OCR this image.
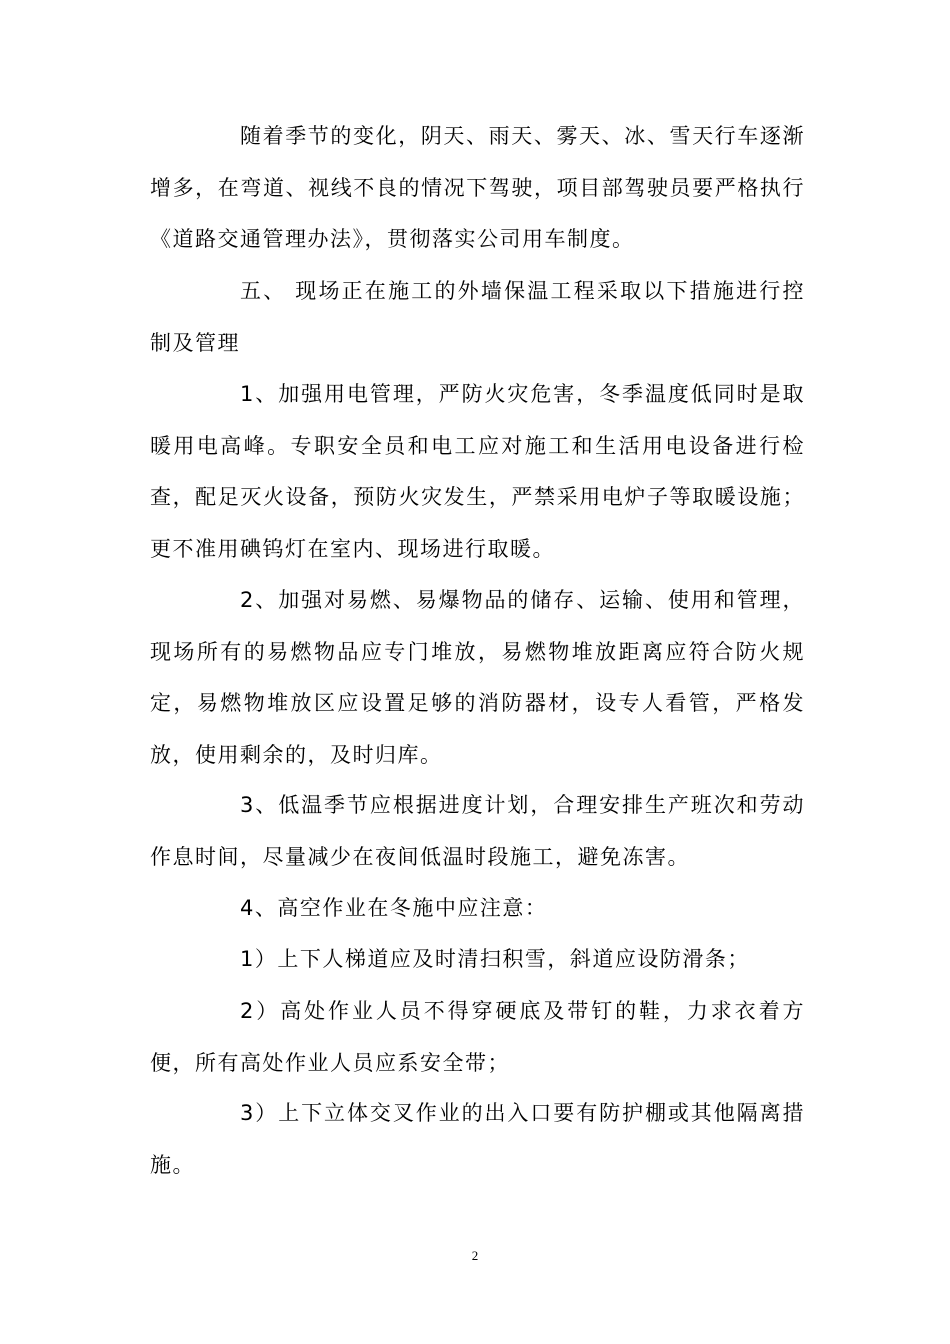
随着季节的变化，阴天、雨天、雾天、冰、雪天行车逐渐增多，在弯道、视线不良的情况下驾驶，项目部驾驶员要严格执行《道路交通管理办法》，贯彻落实公司用车制度。

五、 现场正在施工的外墙保温工程采取以下措施进行控制及管理

1、加强用电管理，严防火灾危害，冬季温度低同时是取暖用电高峰。专职安全员和电工应对施工和生活用电设备进行检查，配足灭火设备，预防火灾发生，严禁采用电炉子等取暖设施；更不准用碘钨灯在室内、现场进行取暖。

2、加强对易燃、易爆物品的储存、运输、使用和管理，现场所有的易燃物品应专门堆放，易燃物堆放距离应符合防火规定，易燃物堆放区应设置足够的消防器材，设专人看管，严格发放，使用剩余的，及时归库。

3、低温季节应根据进度计划，合理安排生产班次和劳动作息时间，尽量减少在夜间低温时段施工，避免冻害。

4、高空作业在冬施中应注意：

1）上下人梯道应及时清扫积雪，斜道应设防滑条；

2）高处作业人员不得穿硬底及带钉的鞋，力求衣着方便，所有高处作业人员应系安全带；

3）上下立体交叉作业的出入口要有防护棚或其他隔离措施。

2
